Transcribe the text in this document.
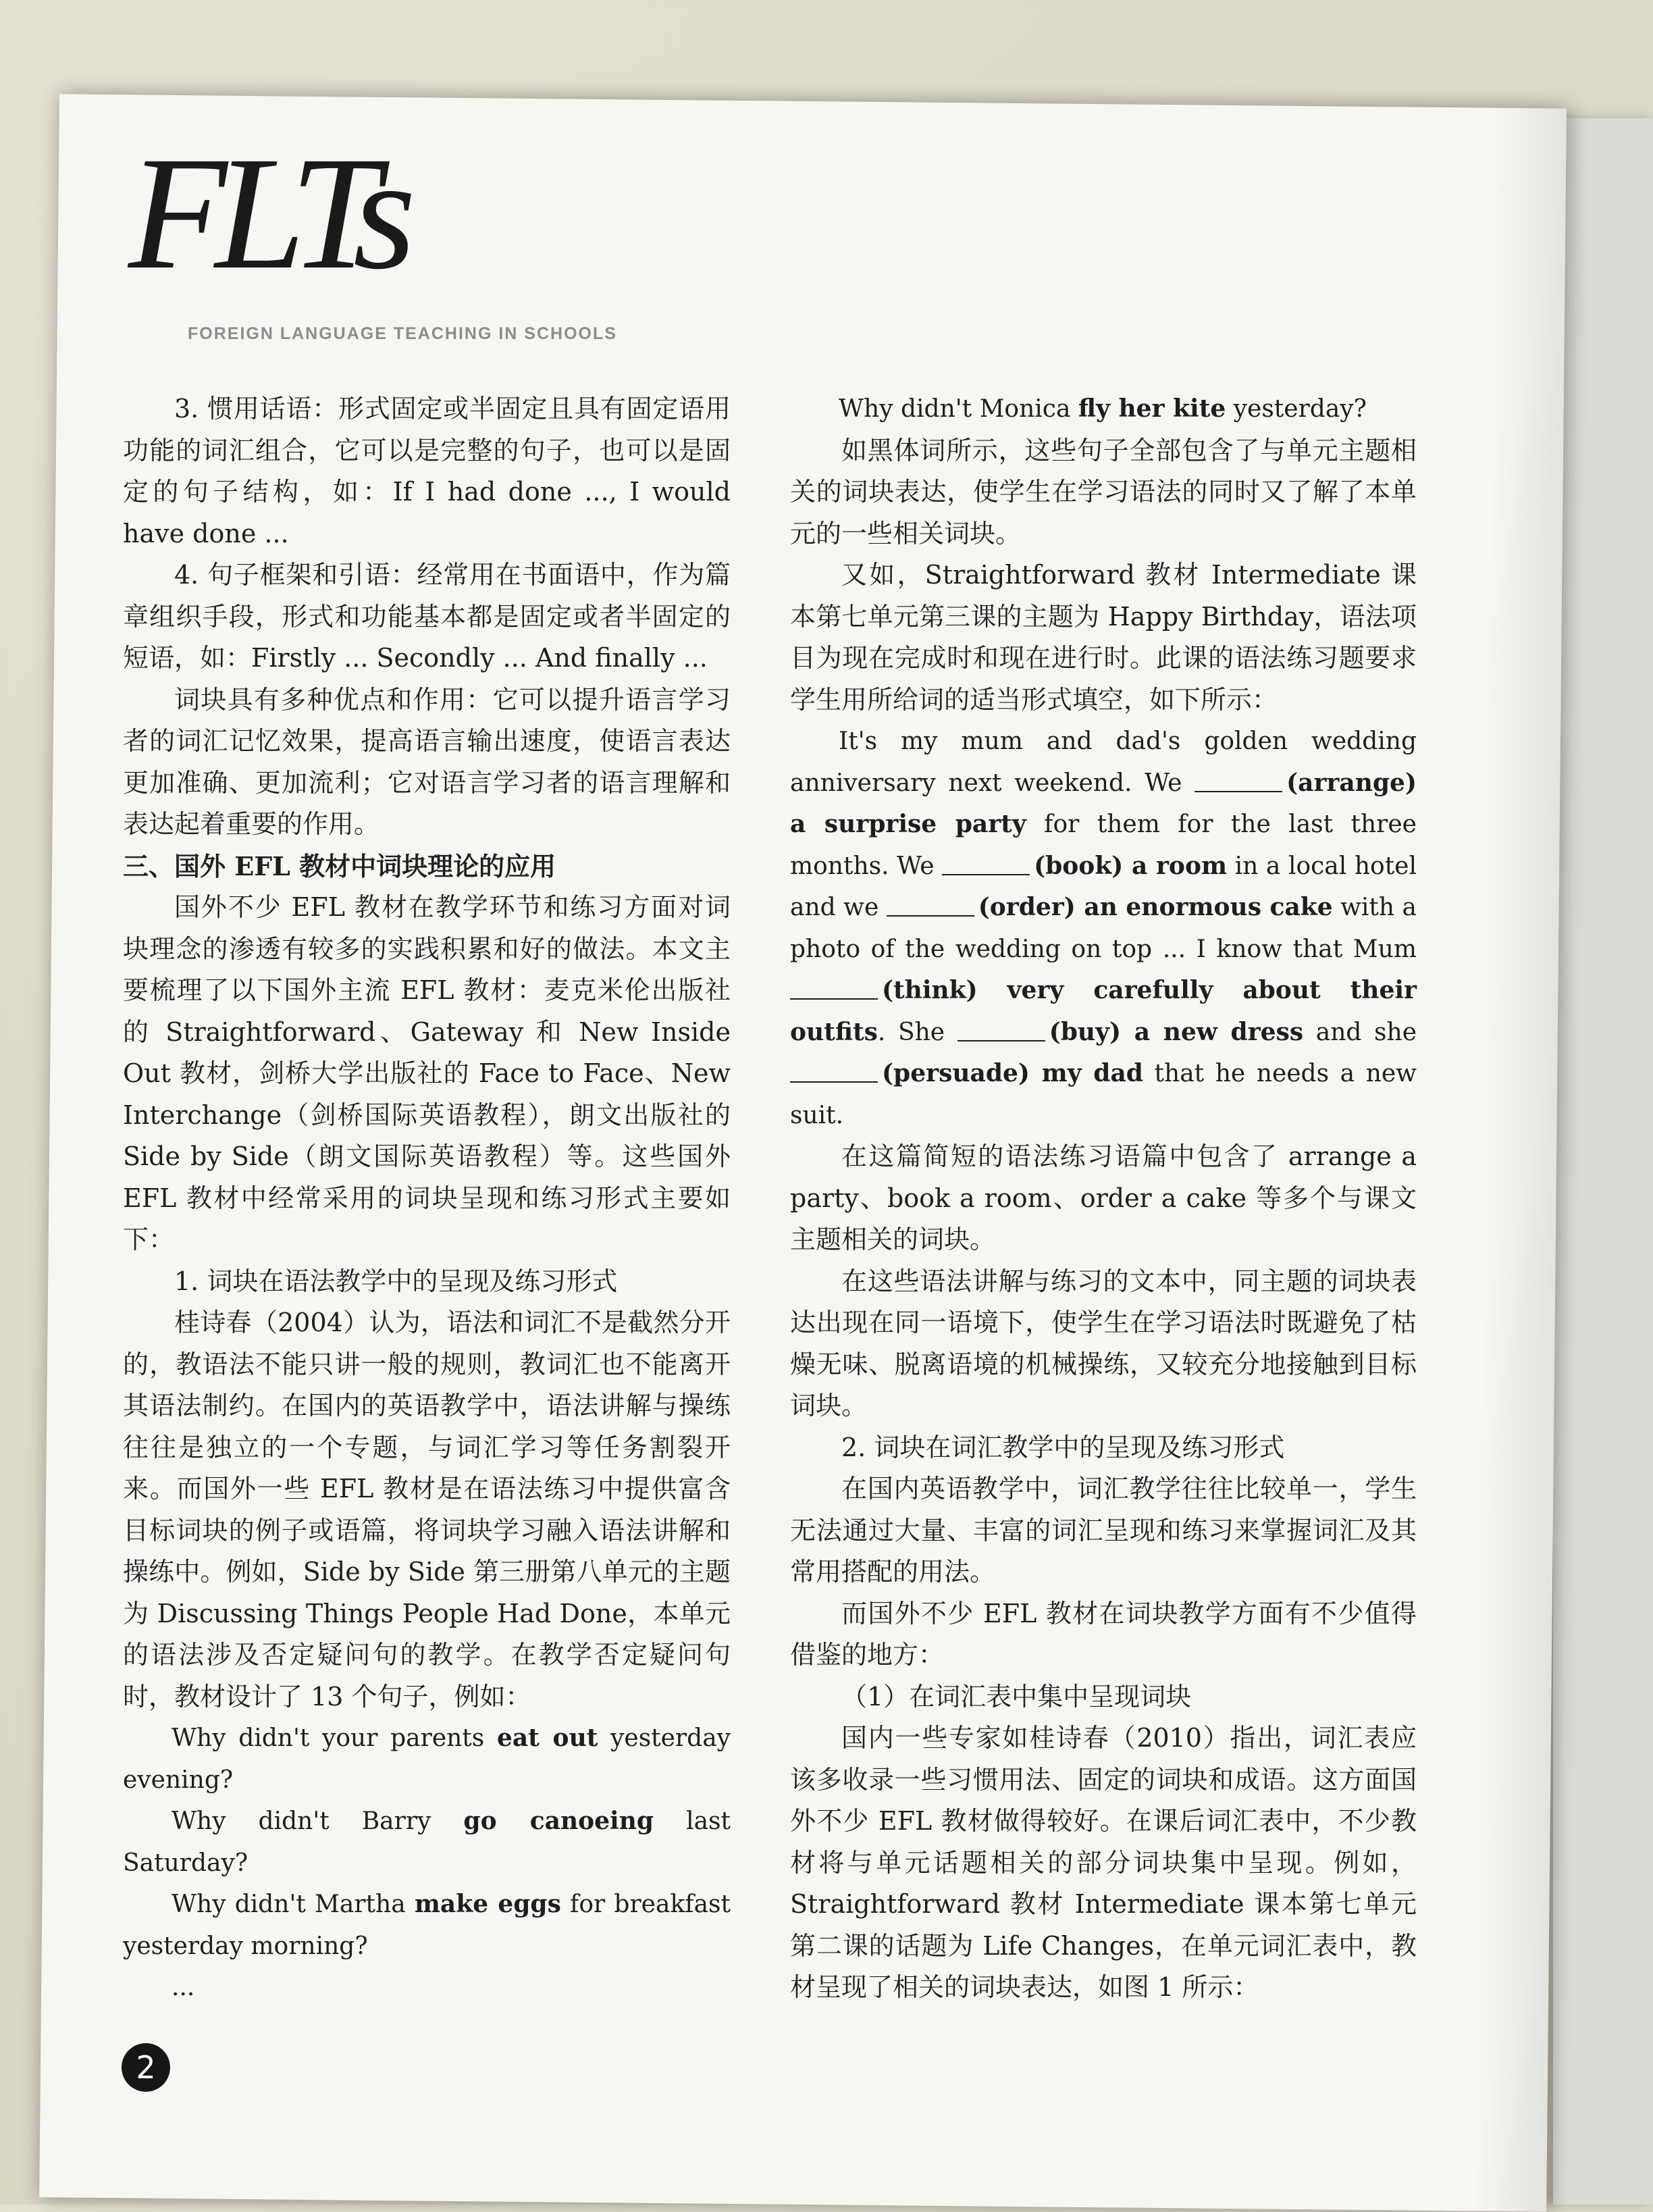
FLTs
FOREIGN LANGUAGE TEACHING IN SCHOOLS

3. 惯用话语：形式固定或半固定且具有固定语用功能的词汇组合，它可以是完整的句子，也可以是固定的句子结构，如：If I had done ..., I would have done ...

4. 句子框架和引语：经常用在书面语中，作为篇章组织手段，形式和功能基本都是固定或者半固定的短语，如：Firstly ... Secondly ... And finally ...

词块具有多种优点和作用：它可以提升语言学习者的词汇记忆效果，提高语言输出速度，使语言表达更加准确、更加流利；它对语言学习者的语言理解和表达起着重要的作用。

三、国外 EFL 教材中词块理论的应用

国外不少 EFL 教材在教学环节和练习方面对词块理念的渗透有较多的实践积累和好的做法。本文主要梳理了以下国外主流 EFL 教材：麦克米伦出版社的 Straightforward、Gateway 和 New Inside Out 教材，剑桥大学出版社的 Face to Face、New Interchange（剑桥国际英语教程），朗文出版社的 Side by Side（朗文国际英语教程）等。这些国外 EFL 教材中经常采用的词块呈现和练习形式主要如下：

1. 词块在语法教学中的呈现及练习形式

桂诗春（2004）认为，语法和词汇不是截然分开的，教语法不能只讲一般的规则，教词汇也不能离开其语法制约。在国内的英语教学中，语法讲解与操练往往是独立的一个专题，与词汇学习等任务割裂开来。而国外一些 EFL 教材是在语法练习中提供富含目标词块的例子或语篇，将词块学习融入语法讲解和操练中。例如，Side by Side 第三册第八单元的主题为 Discussing Things People Had Done，本单元的语法涉及否定疑问句的教学。在教学否定疑问句时，教材设计了 13 个句子，例如：

Why didn't your parents eat out yesterday evening?

Why didn't Barry go canoeing last Saturday?

Why didn't Martha make eggs for breakfast yesterday morning?

...

Why didn't Monica fly her kite yesterday?

如黑体词所示，这些句子全部包含了与单元主题相关的词块表达，使学生在学习语法的同时又了解了本单元的一些相关词块。

又如，Straightforward 教材 Intermediate 课本第七单元第三课的主题为 Happy Birthday，语法项目为现在完成时和现在进行时。此课的语法练习题要求学生用所给词的适当形式填空，如下所示：

It's my mum and dad's golden wedding anniversary next weekend. We	(arrange) a surprise party for them for the last three months. We	(book) a room in a local hotel and we	(order) an enormous cake with a photo of the wedding on top ... I know that Mum (think) very carefully about their outfits. She	(buy) a new dress and she (persuade) my dad that he needs a new suit.

在这篇简短的语法练习语篇中包含了 arrange a party、book a room、order a cake 等多个与课文主题相关的词块。

在这些语法讲解与练习的文本中，同主题的词块表达出现在同一语境下，使学生在学习语法时既避免了枯燥无味、脱离语境的机械操练，又较充分地接触到目标词块。

2. 词块在词汇教学中的呈现及练习形式

在国内英语教学中，词汇教学往往比较单一，学生无法通过大量、丰富的词汇呈现和练习来掌握词汇及其常用搭配的用法。

而国外不少 EFL 教材在词块教学方面有不少值得借鉴的地方：

（1）在词汇表中集中呈现词块

国内一些专家如桂诗春（2010）指出，词汇表应该多收录一些习惯用法、固定的词块和成语。这方面国外不少 EFL 教材做得较好。在课后词汇表中，不少教材将与单元话题相关的部分词块集中呈现。例如，Straightforward 教材 Intermediate 课本第七单元第二课的话题为 Life Changes，在单元词汇表中，教材呈现了相关的词块表达，如图 1 所示：

2
